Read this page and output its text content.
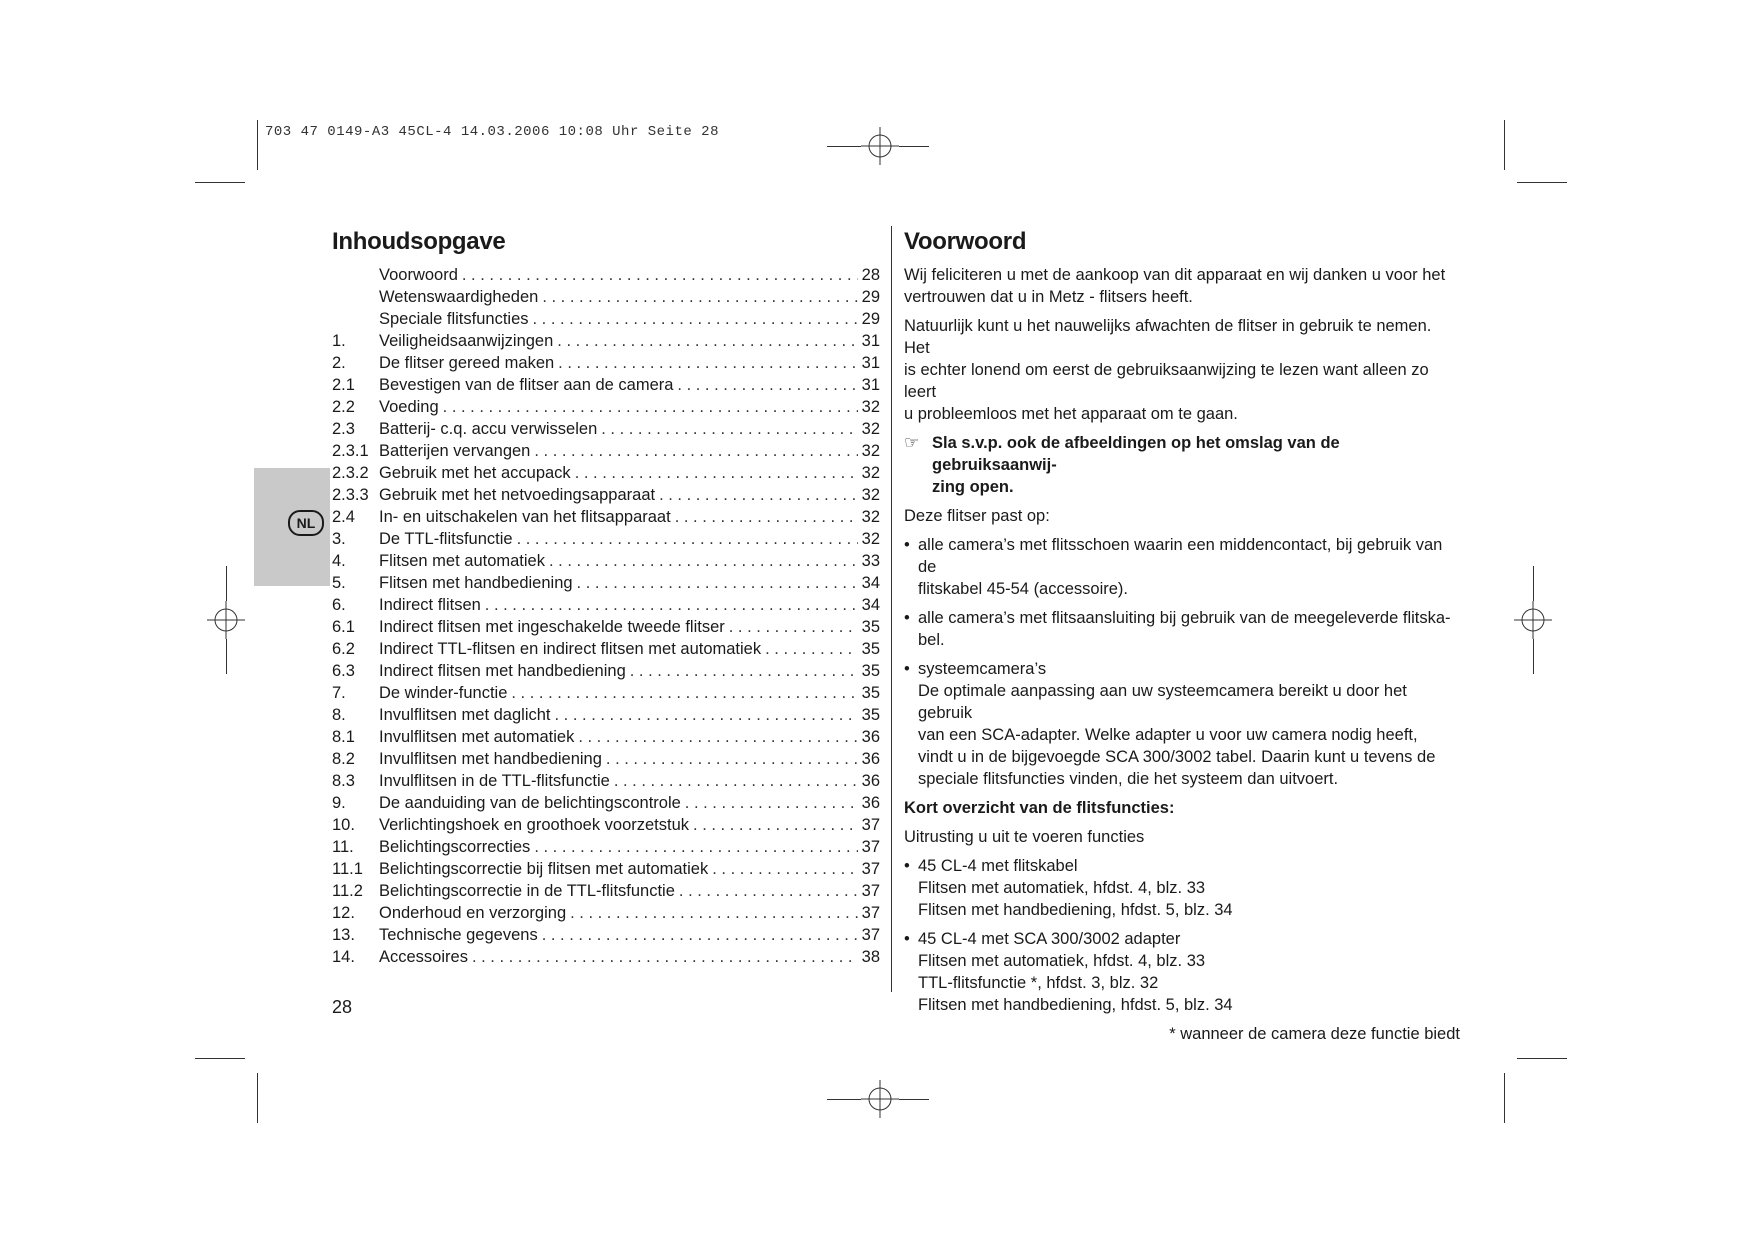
703 47 0149-A3 45CL-4 14.03.2006 10:08 Uhr Seite 28
NL
Inhoudsopgave
Voorwoord . . .	28
Wetenswaardigheden . . .	29
Speciale flitsfuncties . . .	29
1.	Veiligheidsaanwijzingen . . .	31
2.	De flitser gereed maken . . .	31
2.1	Bevestigen van de flitser aan de camera . . .	31
2.2	Voeding . . .	32
2.3	Batterij- c.q. accu verwisselen . . .	32
2.3.1 Batterijen vervangen . . .	32
2.3.2 Gebruik met het accupack . . .	32
2.3.3 Gebruik met het netvoedingsapparaat . . .	32
2.4	In- en uitschakelen van het flitsapparaat . . .	32
3.	De TTL-flitsfunctie . . .	32
4.	Flitsen met automatiek . . .	33
5.	Flitsen met handbediening . . .	34
6.	Indirect flitsen . . .	34
6.1	Indirect flitsen met ingeschakelde tweede flitser . . .	35
6.2	Indirect TTL-flitsen en indirect flitsen met automatiek . . .	35
6.3	Indirect flitsen met handbediening . . .	35
7.	De winder-functie . . .	35
8.	Invulflitsen met daglicht . . .	35
8.1	Invulflitsen met automatiek . . .	36
8.2	Invulflitsen met handbediening . . .	36
8.3	Invulflitsen in de TTL-flitsfunctie . . .	36
9.	De aanduiding van de belichtingscontrole . . .	36
10.	Verlichtingshoek en groothoek voorzetstuk . . .	37
11.	Belichtingscorrecties . . .	37
11.1 Belichtingscorrectie bij flitsen met automatiek . . .	37
11.2 Belichtingscorrectie in de TTL-flitsfunctie . . .	37
12.	Onderhoud en verzorging . . .	37
13.	Technische gegevens . . .	37
14.	Accessoires . . .	38
28
Voorwoord

Wij feliciteren u met de aankoop van dit apparaat en wij danken u voor het
vertrouwen dat u in Metz - flitsers heeft.

Natuurlijk kunt u het nauwelijks afwachten de flitser in gebruik te nemen. Het
is echter lonend om eerst de gebruiksaanwijzing te lezen want alleen zo leert
u probleemloos met het apparaat om te gaan.

☞ Sla s.v.p. ook de afbeeldingen op het omslag van de gebruiksaanwij-
zing open.

Deze flitser past op:

• alle camera’s met flitsschoen waarin een middencontact, bij gebruik van de
flitskabel 45-54 (accessoire).
• alle camera’s met flitsaansluiting bij gebruik van de meegeleverde flitska-
bel.
• systeemcamera’s
De optimale aanpassing aan uw systeemcamera bereikt u door het gebruik
van een SCA-adapter. Welke adapter u voor uw camera nodig heeft,
vindt u in de bijgevoegde SCA 300/3002 tabel. Daarin kunt u tevens de
speciale flitsfuncties vinden, die het systeem dan uitvoert.

Kort overzicht van de flitsfuncties:

Uitrusting u uit te voeren functies

• 45 CL-4 met flitskabel
Flitsen met automatiek, hfdst. 4, blz. 33
Flitsen met handbediening, hfdst. 5, blz. 34
• 45 CL-4 met SCA 300/3002 adapter
Flitsen met automatiek, hfdst. 4, blz. 33
TTL-flitsfunctie *, hfdst. 3, blz. 32
Flitsen met handbediening, hfdst. 5, blz. 34
* wanneer de camera deze functie biedt
